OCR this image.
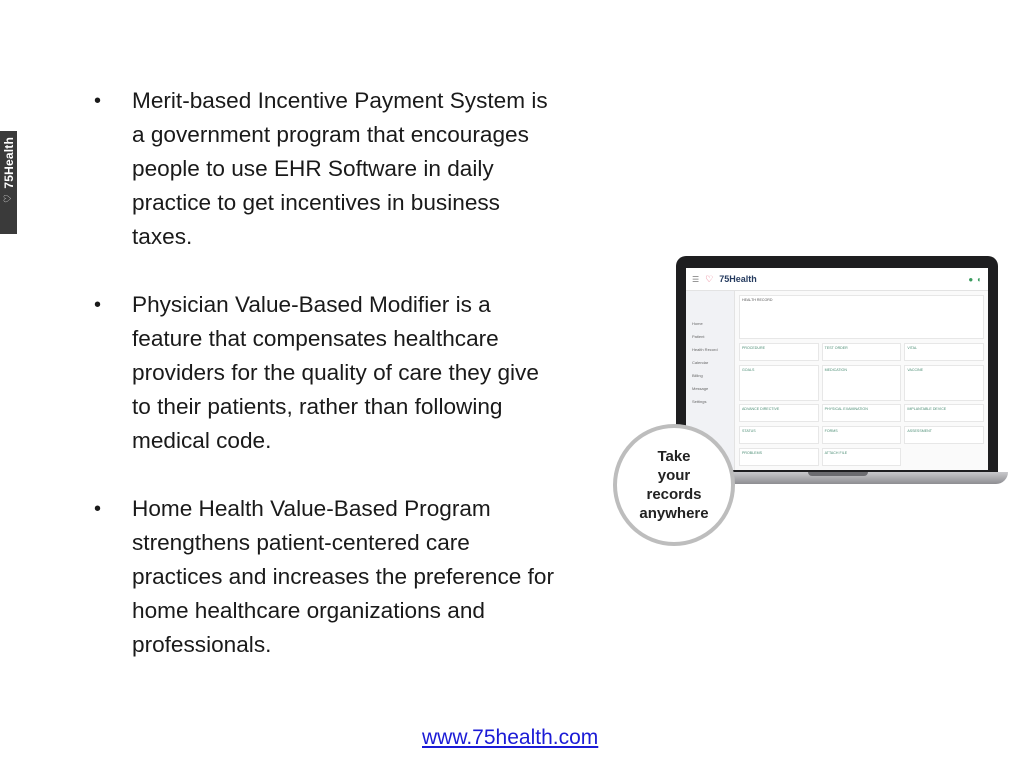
75Health
♡
• Merit-based Incentive Payment System is a government program that encourages people to use EHR Software in daily practice to get incentives in business taxes.
• Physician Value-Based Modifier is a feature that compensates healthcare providers for the quality of care they give to their patients, rather than following medical code.
• Home Health Value-Based Program strengthens patient-centered care practices and increases the preference for home healthcare organizations and professionals.
☰ ♡ 75Health	● ◐
Home
Patient
Health Record
Calendar
Billing
Message
Settings
HEALTH RECORD
PROCEDURE	TEST ORDER	VITAL
GOALS	MEDICATION	VACCINE
ADVANCE DIRECTIVE	PHYSICAL EXAMINATION	IMPLANTABLE DEVICE
STATUS	FORMS	ASSESSMENT
PROBLEMS	ATTACH FILE
Take
your
records
anywhere
www.75health.com
